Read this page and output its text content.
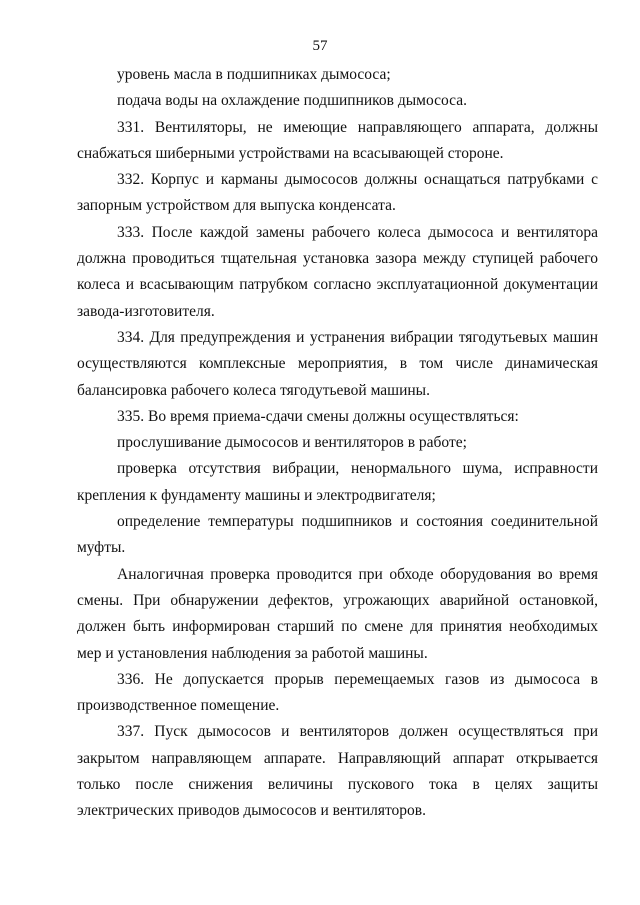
57

уровень масла в подшипниках дымососа;

подача воды на охлаждение подшипников дымососа.

331. Вентиляторы, не имеющие направляющего аппарата, должны снабжаться шиберными устройствами на всасывающей стороне.

332. Корпус и карманы дымососов должны оснащаться патрубками с запорным устройством для выпуска конденсата.

333. После каждой замены рабочего колеса дымососа и вентилятора должна проводиться тщательная установка зазора между ступицей рабочего колеса и всасывающим патрубком согласно эксплуатационной документации завода-изготовителя.

334. Для предупреждения и устранения вибрации тягодутьевых машин осуществляются комплексные мероприятия, в том числе динамическая балансировка рабочего колеса тягодутьевой машины.

335. Во время приема-сдачи смены должны осуществляться:

прослушивание дымососов и вентиляторов в работе;

проверка отсутствия вибрации, ненормального шума, исправности крепления к фундаменту машины и электродвигателя;

определение температуры подшипников и состояния соединительной муфты.

Аналогичная проверка проводится при обходе оборудования во время смены. При обнаружении дефектов, угрожающих аварийной остановкой, должен быть информирован старший по смене для принятия необходимых мер и установления наблюдения за работой машины.

336. Не допускается прорыв перемещаемых газов из дымососа в производственное помещение.

337. Пуск дымососов и вентиляторов должен осуществляться при закрытом направляющем аппарате. Направляющий аппарат открывается только после снижения величины пускового тока в целях защиты электрических приводов дымососов и вентиляторов.
